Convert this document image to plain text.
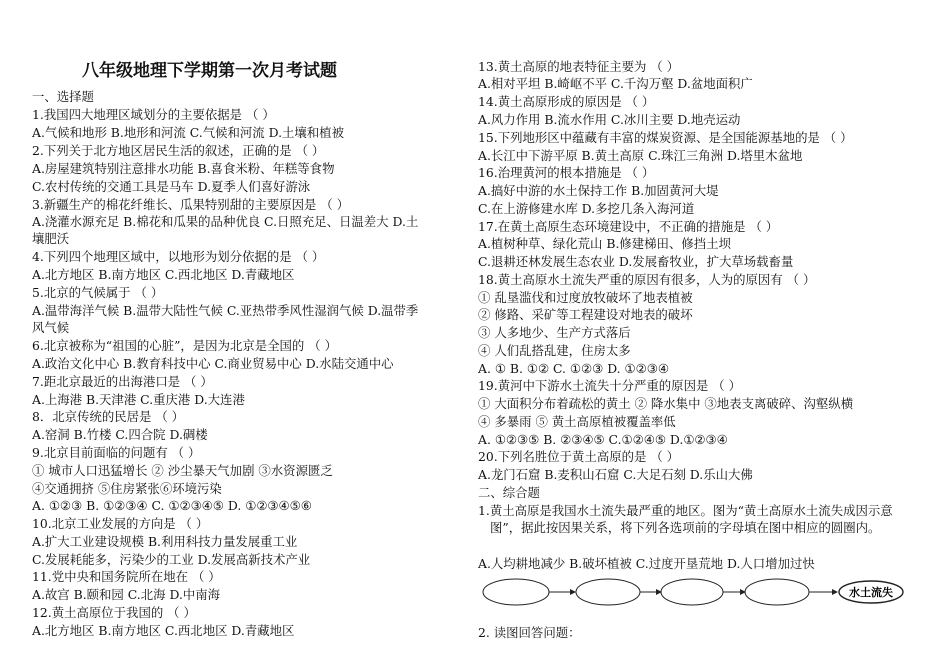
八年级地理下学期第一次月考试题
一、选择题
1.我国四大地理区域划分的主要依据是 （ ）
A.气候和地形 B.地形和河流 C.气候和河流 D.土壤和植被
2.下列关于北方地区居民生活的叙述，正确的是 （ ）
A.房屋建筑特别注意排水功能 B.喜食米粉、年糕等食物
C.农村传统的交通工具是马车 D.夏季人们喜好游泳
3.新疆生产的棉花纤维长、瓜果特别甜的主要原因是 （ ）
A.浇灌水源充足 B.棉花和瓜果的品种优良 C.日照充足、日温差大 D.土
壤肥沃
4.下列四个地理区域中，以地形为划分依据的是 （ ）
A.北方地区 B.南方地区 C.西北地区 D.青藏地区
5.北京的气候属于 （ ）
A.温带海洋气候 B.温带大陆性气候 C.亚热带季风性湿润气候 D.温带季
风气候
6.北京被称为“祖国的心脏”，是因为北京是全国的 （ ）
A.政治文化中心 B.教育科技中心 C.商业贸易中心 D.水陆交通中心
7.距北京最近的出海港口是 （ ）
A.上海港 B.天津港 C.重庆港 D.大连港
8．北京传统的民居是 （ ）
A.窑洞 B.竹楼 C.四合院 D.碉楼
9.北京目前面临的问题有 （ ）
① 城市人口迅猛增长 ② 沙尘暴天气加剧 ③水资源匮乏
④交通拥挤 ⑤住房紧张⑥环境污染
A. ①②③ B. ①②③④ C. ①②③④⑤ D. ①②③④⑤⑥
10.北京工业发展的方向是 （ ）
A.扩大工业建设规模 B.利用科技力量发展重工业
C.发展耗能多，污染少的工业 D.发展高新技术产业
11.党中央和国务院所在地在 （ ）
A.故宫 B.颐和园 C.北海 D.中南海
12.黄土高原位于我国的 （ ）
A.北方地区 B.南方地区 C.西北地区 D.青藏地区
13.黄土高原的地表特征主要为 （ ）
A.相对平坦 B.崎岖不平 C.千沟万壑 D.盆地面积广
14.黄土高原形成的原因是 （ ）
A.风力作用 B.流水作用 C.冰川主要 D.地壳运动
15.下列地形区中蕴藏有丰富的煤炭资源、是全国能源基地的是 （ ）
A.长江中下游平原 B.黄土高原 C.珠江三角洲 D.塔里木盆地
16.治理黄河的根本措施是 （ ）
A.搞好中游的水土保持工作 B.加固黄河大堤
C.在上游修建水库 D.多挖几条入海河道
17.在黄土高原生态环境建设中，不正确的措施是 （ ）
A.植树种草、绿化荒山 B.修建梯田、修挡土坝
C.退耕还林发展生态农业 D.发展畜牧业，扩大草场载畜量
18.黄土高原水土流失严重的原因有很多，人为的原因有 （ ）
① 乱垦滥伐和过度放牧破坏了地表植被
② 修路、采矿等工程建设对地表的破坏
③ 人多地少、生产方式落后
④ 人们乱搭乱建，住房太多
A. ① B. ①② C. ①②③ D. ①②③④
19.黄河中下游水土流失十分严重的原因是 （ ）
① 大面积分布着疏松的黄土 ② 降水集中 ③地表支离破碎、沟壑纵横
④ 多暴雨 ⑤ 黄土高原植被覆盖率低
A. ①②③⑤ B. ②③④⑤ C.①②④⑤ D.①②③④
20.下列名胜位于黄土高原的是 （ ）
A.龙门石窟 B.麦积山石窟 C.大足石刻 D.乐山大佛
二、综合题
1.黄土高原是我国水土流失最严重的地区。图为“黄土高原水土流失成因示意图”，据此按因果关系，将下列各选项前的字母填在图中相应的圆圈内。
A.人均耕地减少 B.破坏植被 C.过度开垦荒地 D.人口增加过快
2. 读图回答问题：
水土流失
